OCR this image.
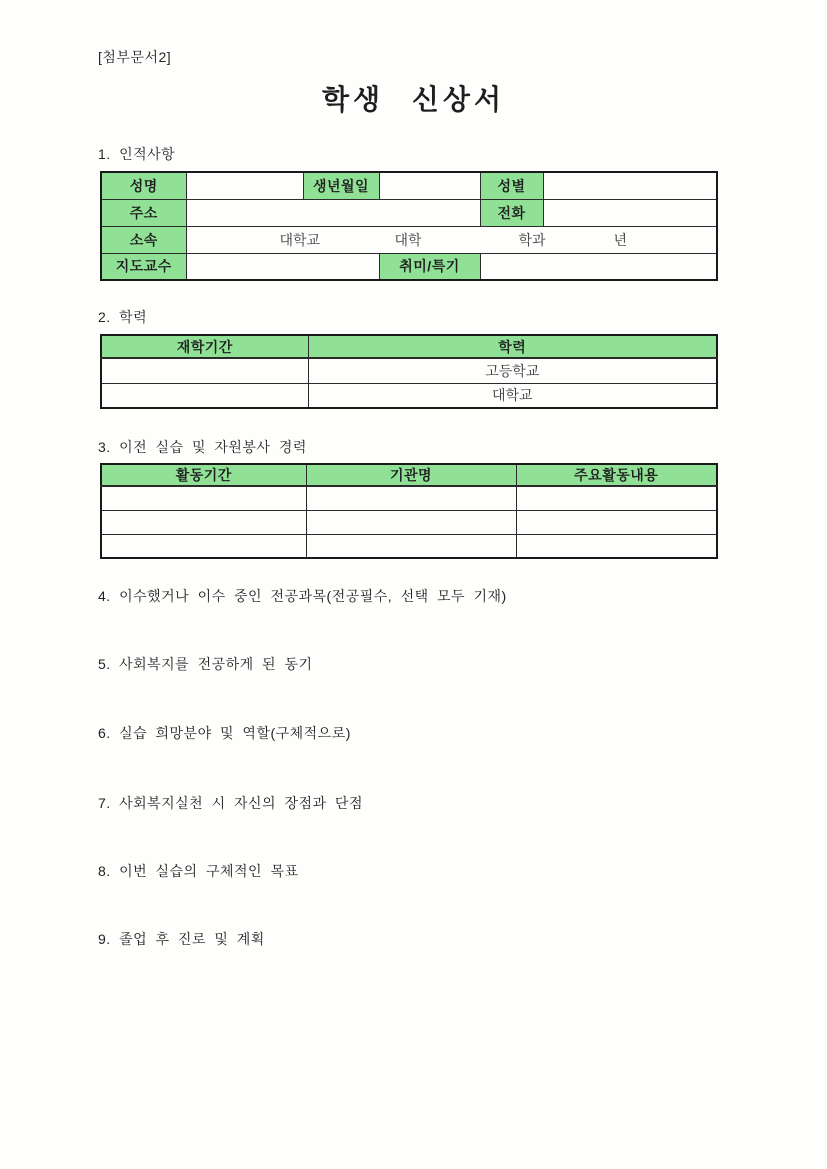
[첨부문서2]
학생 신상서
1. 인적사항
성명		생년월일		성별	
주소				전화	
소속	대학교 대학 학과 년				

지도교수			취미/특기		
2. 학력
재학기간	학력
	고등학교
	대학교
3. 이전 실습 및 자원봉사 경력
활동기간	기관명	주요활동내용

4. 이수했거나 이수 중인 전공과목(전공필수, 선택 모두 기재)
5. 사회복지를 전공하게 된 동기
6. 실습 희망분야 및 역할(구체적으로)
7. 사회복지실천 시 자신의 장점과 단점
8. 이번 실습의 구체적인 목표
9. 졸업 후 진로 및 계획
